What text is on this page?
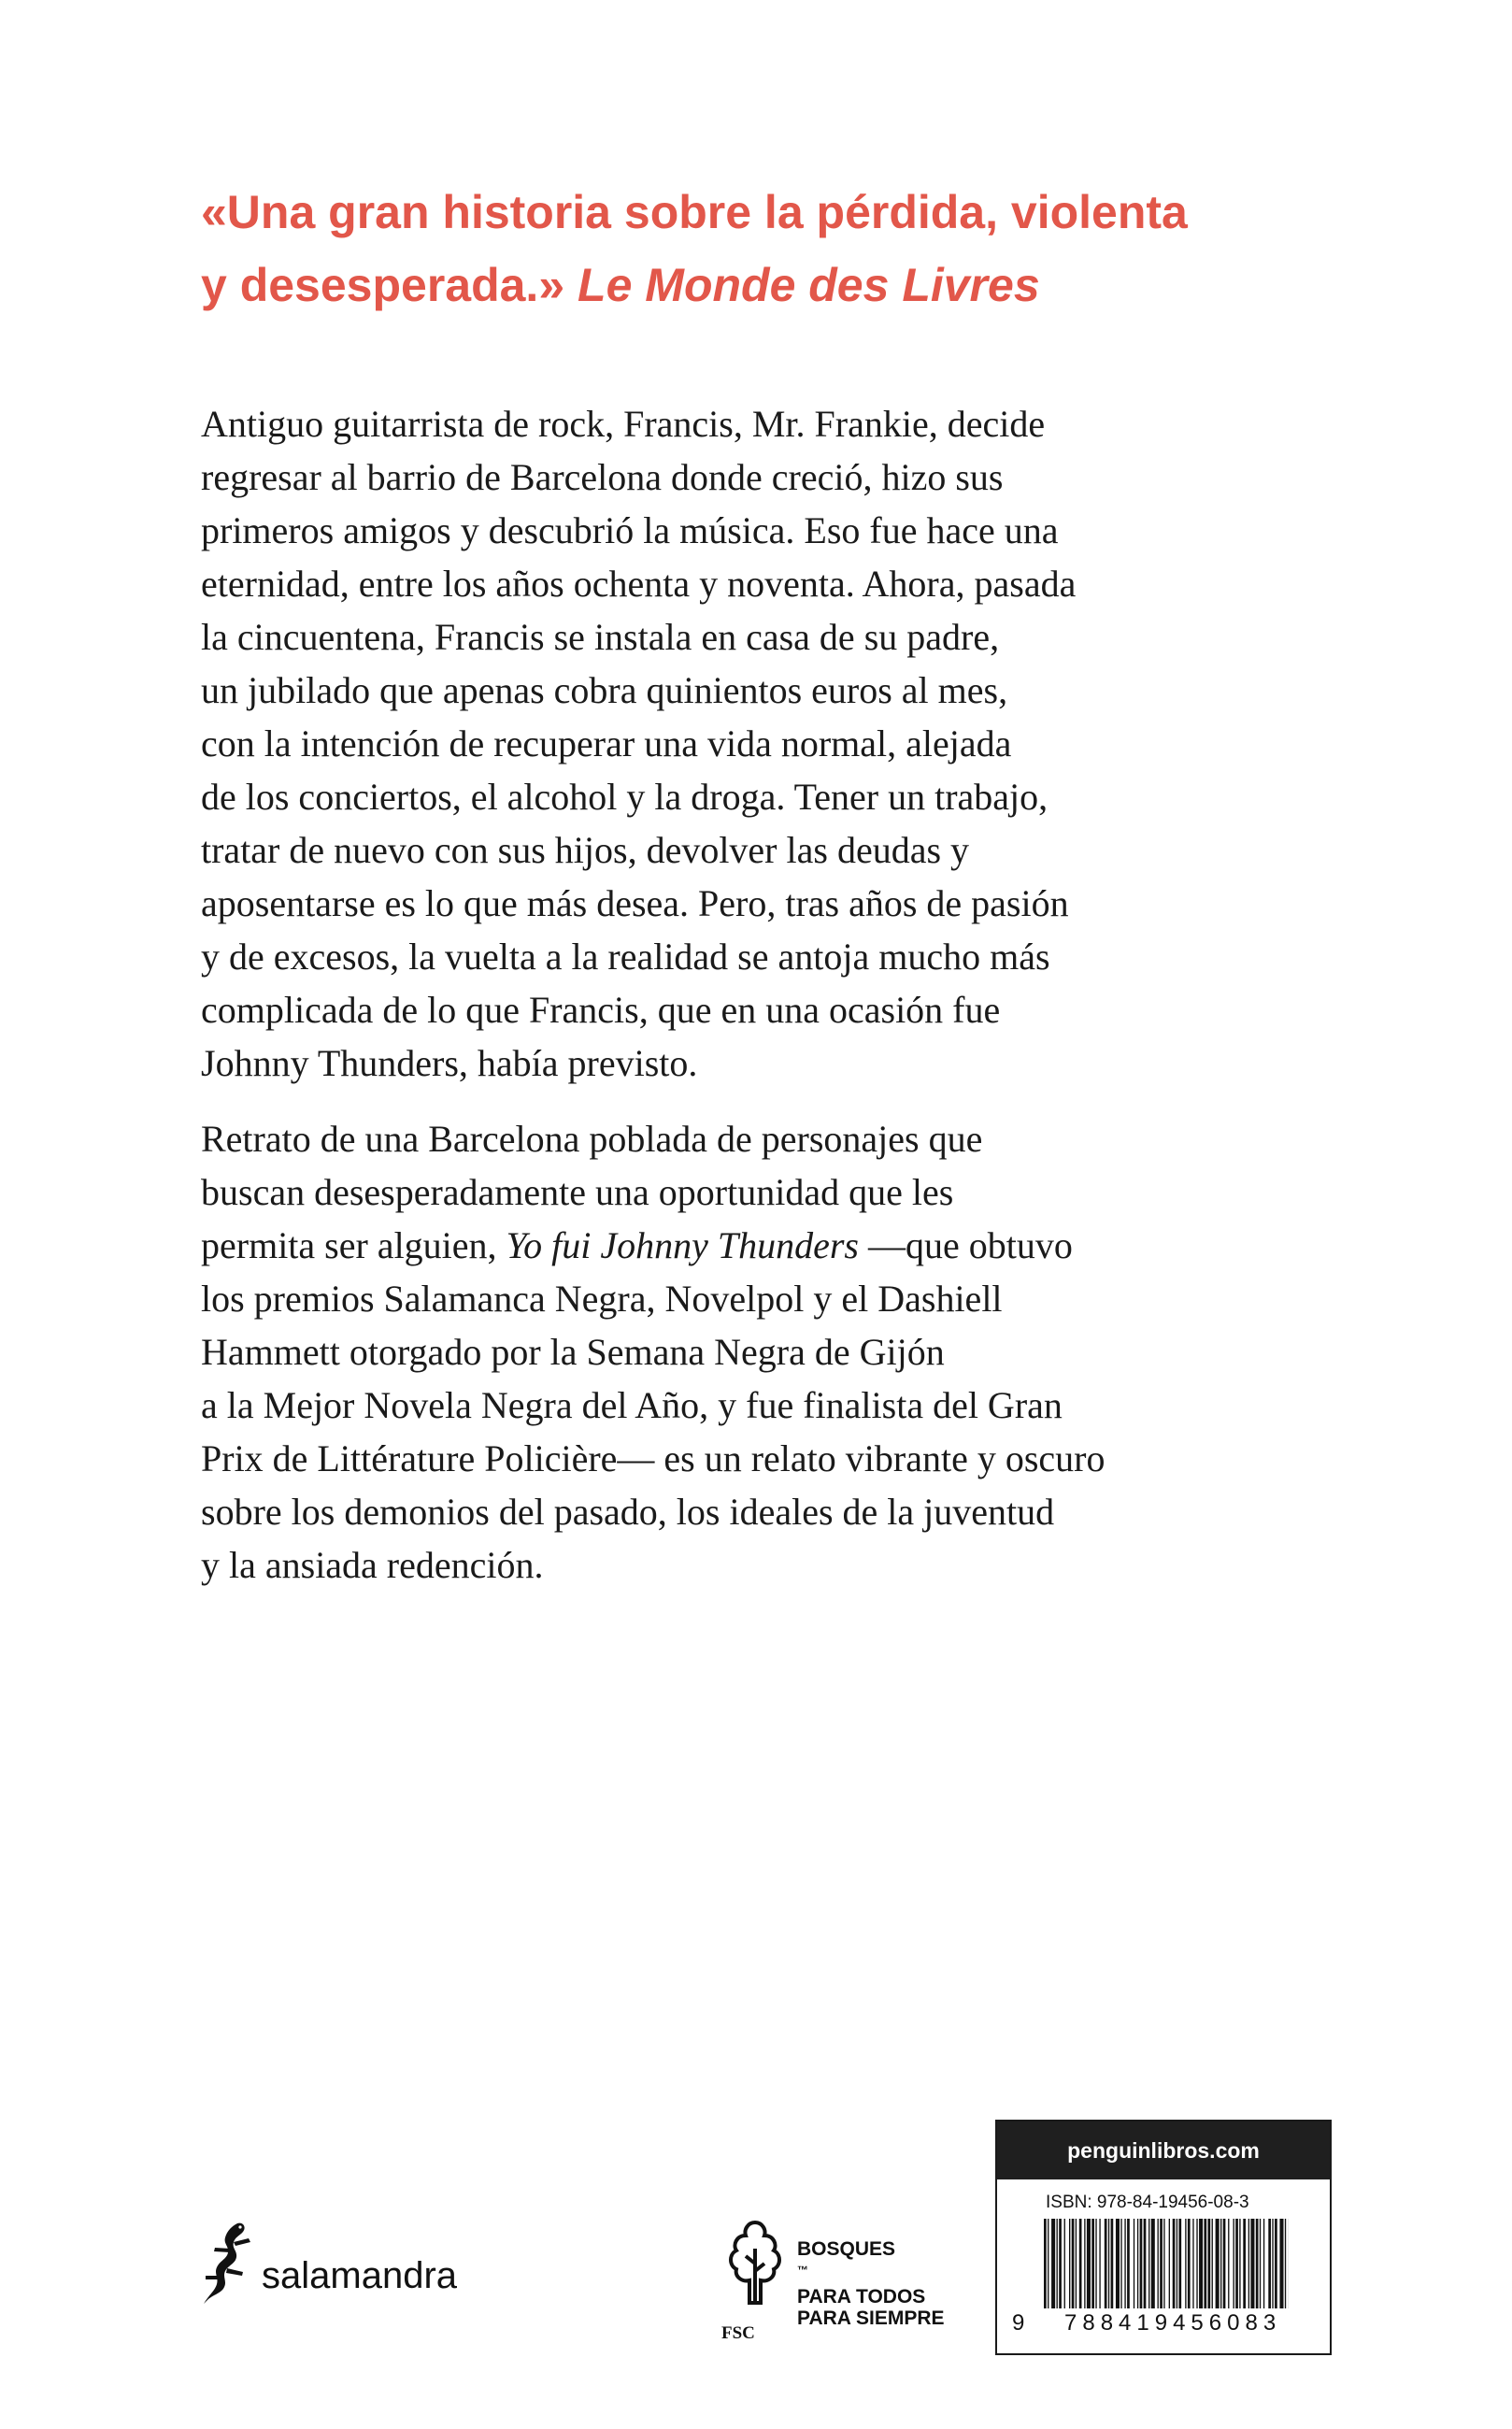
«Una gran historia sobre la pérdida, violenta
y desesperada.» Le Monde des Livres

Antiguo guitarrista de rock, Francis, Mr. Frankie, decide
regresar al barrio de Barcelona donde creció, hizo sus
primeros amigos y descubrió la música. Eso fue hace una
eternidad, entre los años ochenta y noventa. Ahora, pasada
la cincuentena, Francis se instala en casa de su padre,
un jubilado que apenas cobra quinientos euros al mes,
con la intención de recuperar una vida normal, alejada
de los conciertos, el alcohol y la droga. Tener un trabajo,
tratar de nuevo con sus hijos, devolver las deudas y
aposentarse es lo que más desea. Pero, tras años de pasión
y de excesos, la vuelta a la realidad se antoja mucho más
complicada de lo que Francis, que en una ocasión fue
Johnny Thunders, había previsto.
Retrato de una Barcelona poblada de personajes que
buscan desesperadamente una oportunidad que les
permita ser alguien, Yo fui Johnny Thunders —que obtuvo
los premios Salamanca Negra, Novelpol y el Dashiell
Hammett otorgado por la Semana Negra de Gijón
a la Mejor Novela Negra del Año, y fue finalista del Gran
Prix de Littérature Policière— es un relato vibrante y oscuro
sobre los demonios del pasado, los ideales de la juventud
y la ansiada redención.
salamandra
FSC
BOSQUES
™
PARA TODOS
PARA SIEMPRE
penguinlibros.com
ISBN: 978-84-19456-08-3
9 788419456083
